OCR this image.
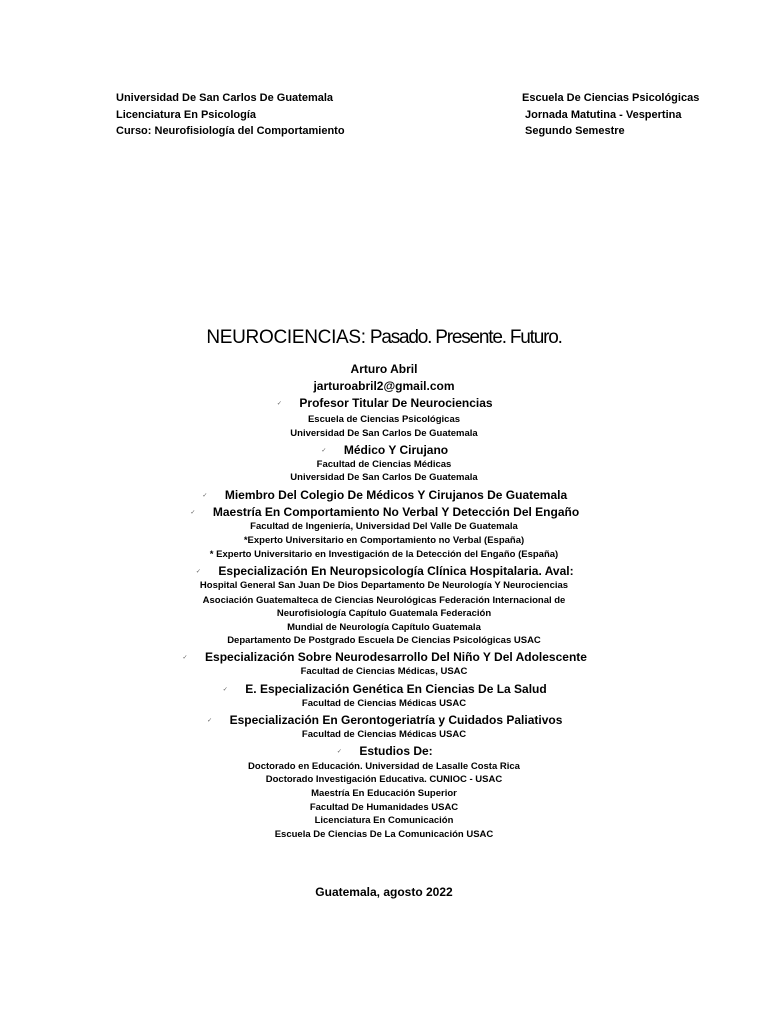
Universidad De San Carlos De Guatemala
Licenciatura En Psicología
Curso: Neurofisiología del Comportamiento
Escuela De Ciencias Psicológicas
Jornada Matutina - Vespertina
Segundo Semestre
NEUROCIENCIAS: Pasado. Presente. Futuro.
Arturo Abril
jarturoabril2@gmail.com
✓ Profesor Titular De Neurociencias
Escuela de Ciencias Psicológicas
Universidad De San Carlos De Guatemala
✓ Médico Y Cirujano
Facultad de Ciencias Médicas
Universidad De San Carlos De Guatemala
✓ Miembro Del Colegio De Médicos Y Cirujanos De Guatemala
✓ Maestría En Comportamiento No Verbal Y Detección Del Engaño
Facultad de Ingeniería, Universidad Del Valle De Guatemala
*Experto Universitario en Comportamiento no Verbal (España)
* Experto Universitario en Investigación de la Detección del Engaño (España)
✓ Especialización En Neuropsicología Clínica Hospitalaria. Aval:
Hospital General San Juan De Dios Departamento De Neurología Y Neurociencias
Asociación Guatemalteca de Ciencias Neurológicas Federación Internacional de
Neurofisiología Capítulo Guatemala Federación
Mundial de Neurología Capítulo Guatemala
Departamento De Postgrado Escuela De Ciencias Psicológicas USAC
✓ Especialización Sobre Neurodesarrollo Del Niño Y Del Adolescente
Facultad de Ciencias Médicas, USAC
✓ E. Especialización Genética En Ciencias De La Salud
Facultad de Ciencias Médicas USAC
✓ Especialización En Gerontogeriatría y Cuidados Paliativos
Facultad de Ciencias Médicas USAC
✓ Estudios De:
Doctorado en Educación. Universidad de Lasalle Costa Rica
Doctorado Investigación Educativa. CUNIOC - USAC
Maestría En Educación Superior
Facultad De Humanidades USAC
Licenciatura En Comunicación
Escuela De Ciencias De La Comunicación USAC
Guatemala, agosto 2022
